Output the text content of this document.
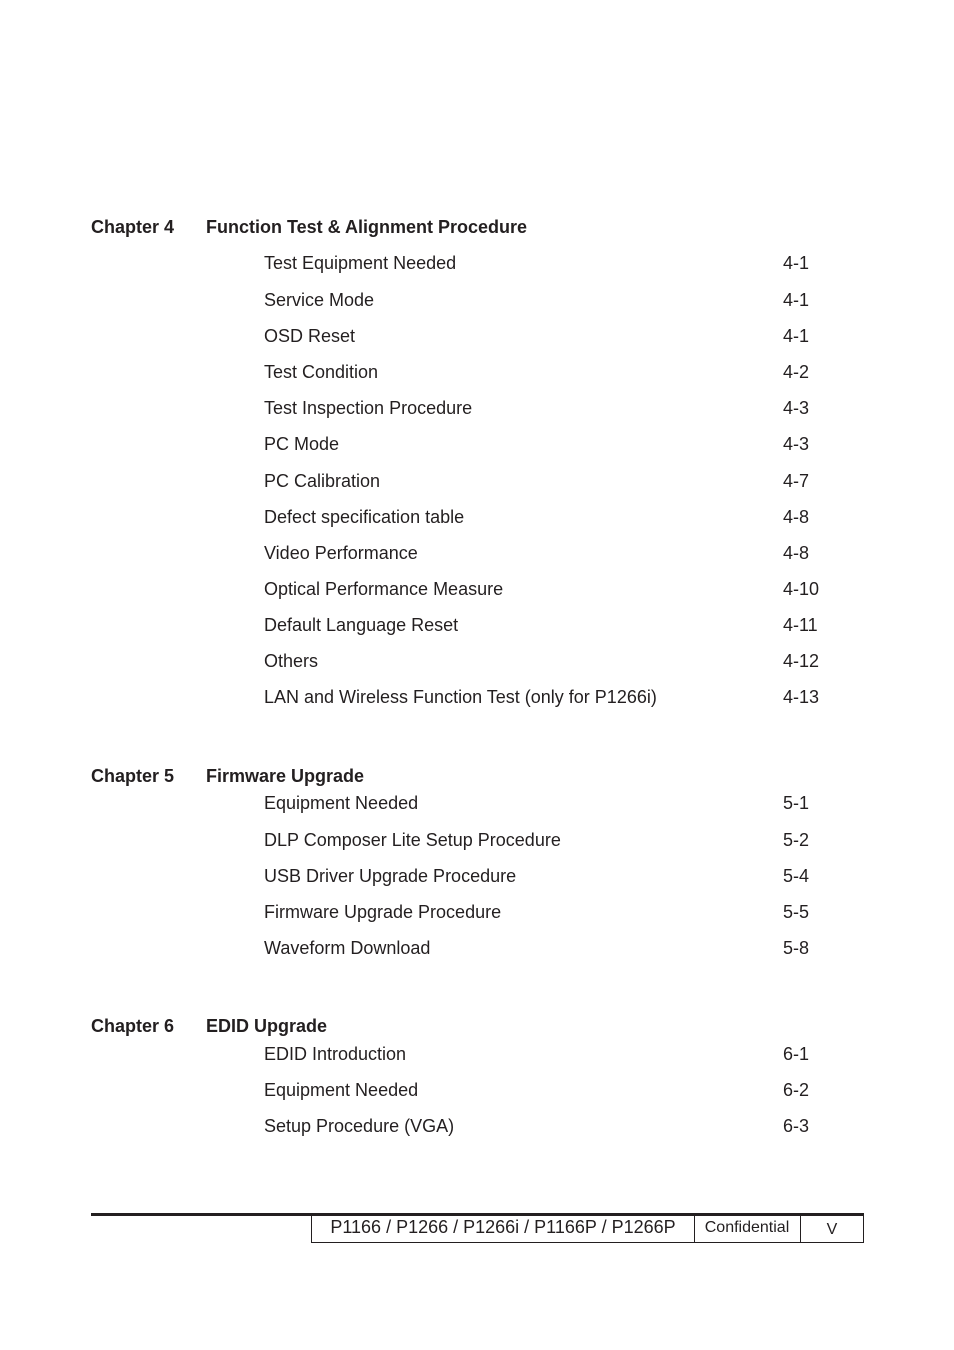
Chapter 4 Function Test & Alignment Procedure
Test Equipment Needed	4-1
Service Mode	4-1
OSD Reset	4-1
Test Condition	4-2
Test Inspection Procedure	4-3
PC Mode	4-3
PC Calibration	4-7
Defect specification table	4-8
Video Performance	4-8
Optical Performance Measure	4-10
Default Language Reset	4-11
Others	4-12
LAN and Wireless Function Test (only for P1266i)	4-13
Chapter 5 Firmware Upgrade
Equipment Needed	5-1
DLP Composer Lite Setup Procedure	5-2
USB Driver Upgrade Procedure	5-4
Firmware Upgrade Procedure	5-5
Waveform Download	5-8
Chapter 6 EDID Upgrade
EDID Introduction	6-1
Equipment Needed	6-2
Setup Procedure (VGA)	6-3
P1166 / P1266 / P1266i / P1166P / P1266P	Confidential	V
